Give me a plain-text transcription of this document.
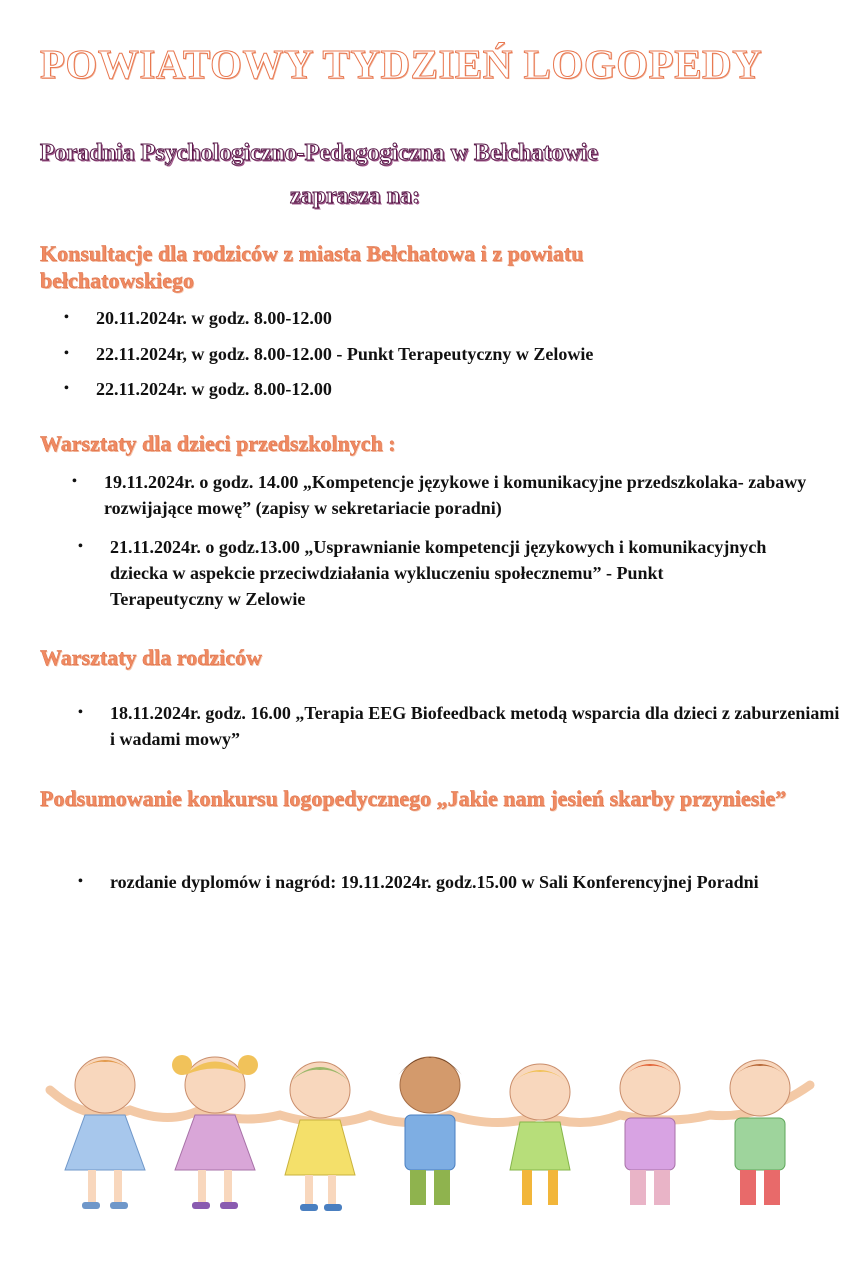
POWIATOWY TYDZIEŃ LOGOPEDY
Poradnia Psychologiczno-Pedagogiczna w Bełchatowie
zaprasza na:
Konsultacje dla rodziców z miasta Bełchatowa i z powiatu bełchatowskiego
• 20.11.2024r. w godz. 8.00-12.00
• 22.11.2024r, w godz. 8.00-12.00 - Punkt Terapeutyczny w Zelowie
• 22.11.2024r. w godz. 8.00-12.00
Warsztaty dla dzieci przedszkolnych :
• 19.11.2024r. o godz. 14.00 „Kompetencje językowe i komunikacyjne przedszkolaka- zabawy rozwijające mowę” (zapisy w sekretariacie poradni)
• 21.11.2024r. o godz.13.00 „Usprawnianie kompetencji językowych i komunikacyjnych dziecka w aspekcie przeciwdziałania wykluczeniu społecznemu” - Punkt Terapeutyczny w Zelowie
Warsztaty dla rodziców
• 18.11.2024r. godz. 16.00 „Terapia EEG Biofeedback metodą wsparcia dla dzieci z zaburzeniami i wadami mowy”
Podsumowanie konkursu logopedycznego „Jakie nam jesień skarby przyniesie”
• rozdanie dyplomów i nagród: 19.11.2024r. godz.15.00 w Sali Konferencyjnej Poradni
